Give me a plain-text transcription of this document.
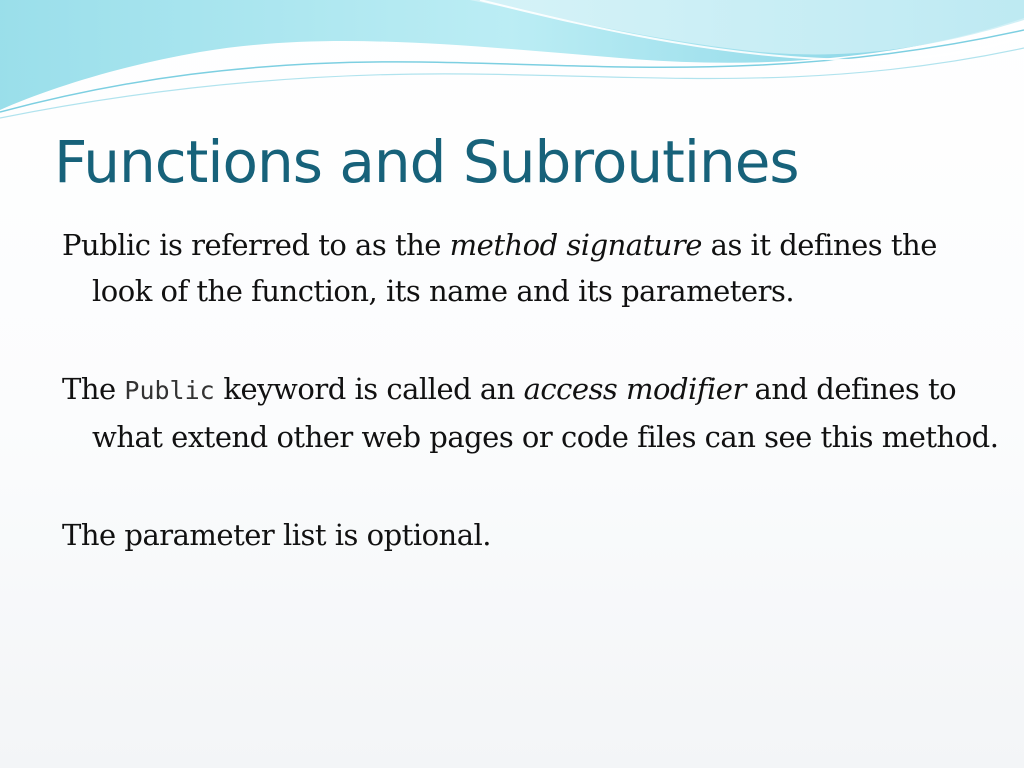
Functions and Subroutines

Public is referred to as the method signature as it defines the look of the function, its name and its parameters.

The Public keyword is called an access modifier and defines to what extend other web pages or code files can see this method.

The parameter list is optional.
